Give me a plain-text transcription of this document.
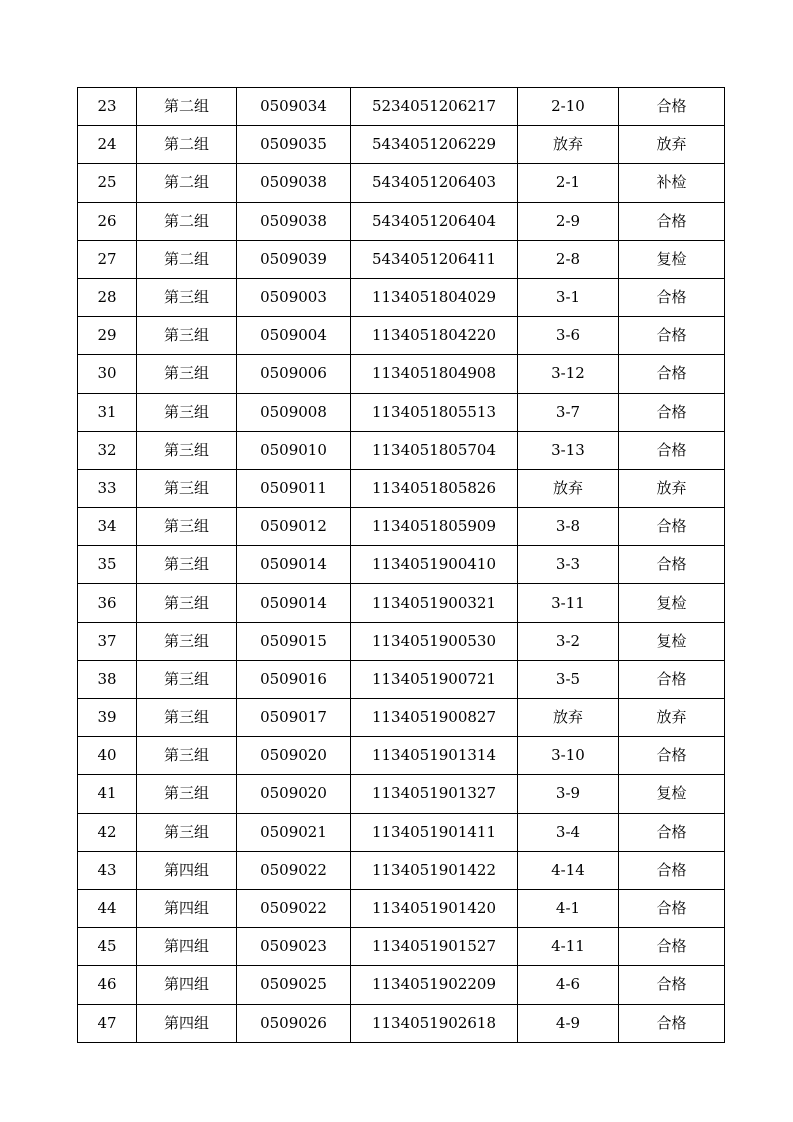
23	第二组	0509034	5234051206217	2-10	合格
24	第二组	0509035	5434051206229	放弃	放弃
25	第二组	0509038	5434051206403	2-1	补检
26	第二组	0509038	5434051206404	2-9	合格
27	第二组	0509039	5434051206411	2-8	复检
28	第三组	0509003	1134051804029	3-1	合格
29	第三组	0509004	1134051804220	3-6	合格
30	第三组	0509006	1134051804908	3-12	合格
31	第三组	0509008	1134051805513	3-7	合格
32	第三组	0509010	1134051805704	3-13	合格
33	第三组	0509011	1134051805826	放弃	放弃
34	第三组	0509012	1134051805909	3-8	合格
35	第三组	0509014	1134051900410	3-3	合格
36	第三组	0509014	1134051900321	3-11	复检
37	第三组	0509015	1134051900530	3-2	复检
38	第三组	0509016	1134051900721	3-5	合格
39	第三组	0509017	1134051900827	放弃	放弃
40	第三组	0509020	1134051901314	3-10	合格
41	第三组	0509020	1134051901327	3-9	复检
42	第三组	0509021	1134051901411	3-4	合格
43	第四组	0509022	1134051901422	4-14	合格
44	第四组	0509022	1134051901420	4-1	合格
45	第四组	0509023	1134051901527	4-11	合格
46	第四组	0509025	1134051902209	4-6	合格
47	第四组	0509026	1134051902618	4-9	合格
